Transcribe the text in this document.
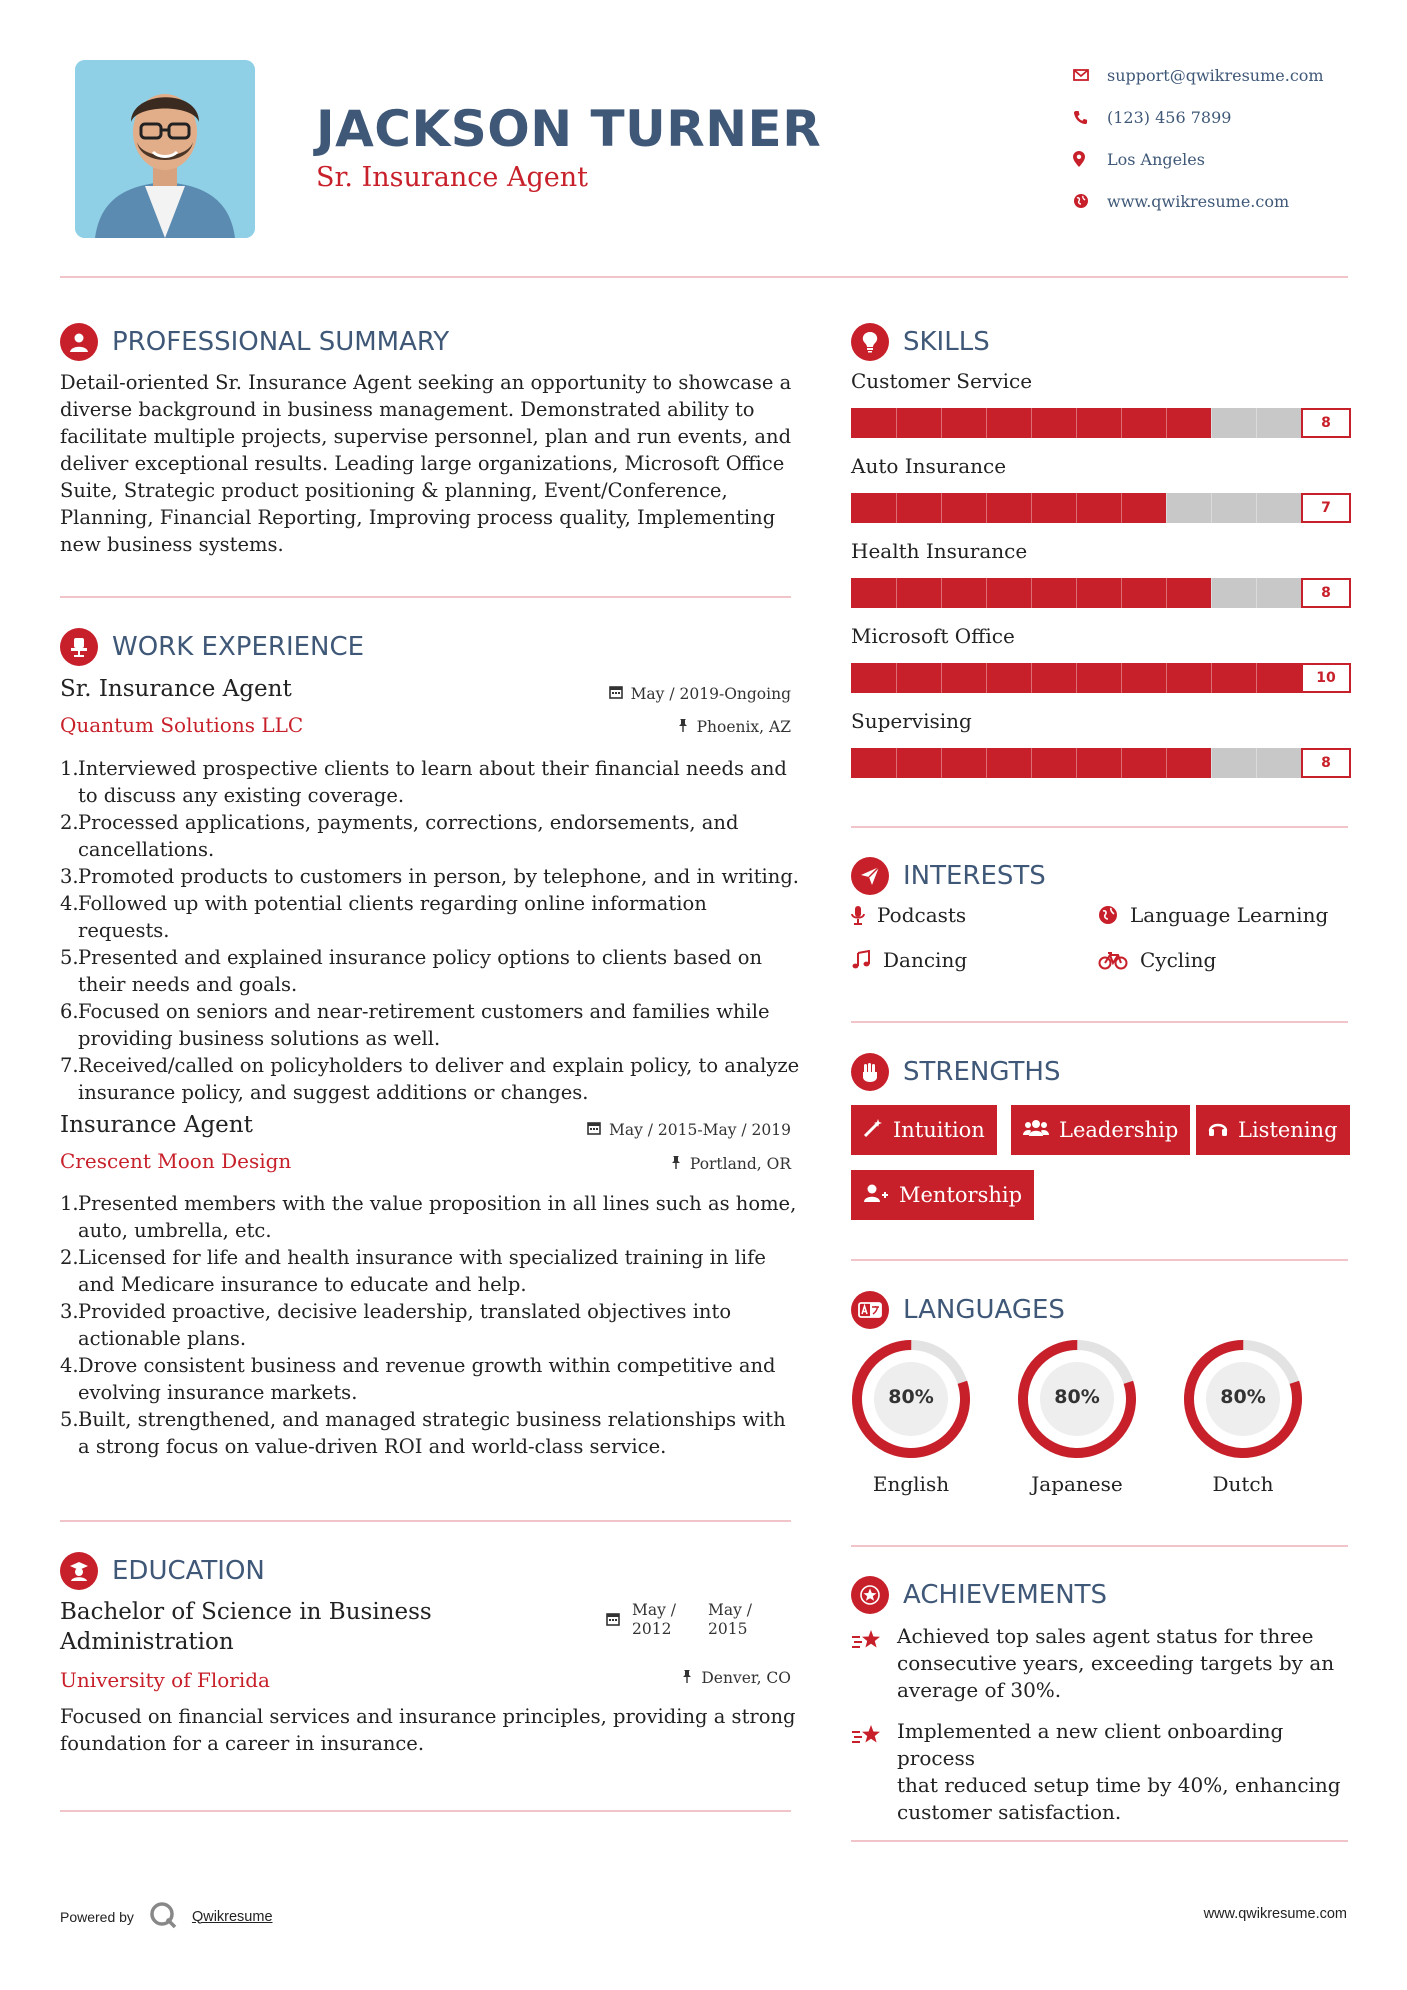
JACKSON TURNER
Sr. Insurance Agent
support@qwikresume.com
(123) 456 7899
Los Angeles
www.qwikresume.com
PROFESSIONAL SUMMARY
Detail-oriented Sr. Insurance Agent seeking an opportunity to showcase a diverse background in business management. Demonstrated ability to facilitate multiple projects, supervise personnel, plan and run events, and deliver exceptional results. Leading large organizations, Microsoft Office Suite, Strategic product positioning & planning, Event/Conference, Planning, Financial Reporting, Improving process quality, Implementing new business systems.
WORK EXPERIENCE
Sr. Insurance Agent	May / 2019-Ongoing
Quantum Solutions LLC	Phoenix, AZ
Interviewed prospective clients to learn about their financial needs and to discuss any existing coverage.
Processed applications, payments, corrections, endorsements, and cancellations.
Promoted products to customers in person, by telephone, and in writing.
Followed up with potential clients regarding online information requests.
Presented and explained insurance policy options to clients based on their needs and goals.
Focused on seniors and near-retirement customers and families while providing business solutions as well.
Received/called on policyholders to deliver and explain policy, to analyze insurance policy, and suggest additions or changes.
Insurance Agent	May / 2015-May / 2019
Crescent Moon Design	Portland, OR
Presented members with the value proposition in all lines such as home, auto, umbrella, etc.
Licensed for life and health insurance with specialized training in life and Medicare insurance to educate and help.
Provided proactive, decisive leadership, translated objectives into actionable plans.
Drove consistent business and revenue growth within competitive and evolving insurance markets.
Built, strengthened, and managed strategic business relationships with a strong focus on value-driven ROI and world-class service.
EDUCATION
Bachelor of Science in Business
Administration
May /
2012
May /
2015
University of Florida	Denver, CO
Focused on financial services and insurance principles, providing a strong foundation for a career in insurance.
SKILLS
Customer Service
8
Auto Insurance
7
Health Insurance
8
Microsoft Office
10
Supervising
8
INTERESTS
Podcasts	Language Learning
Dancing	Cycling
STRENGTHS
Intuition	Leadership	Listening
Mentorship
LANGUAGES
80%
English
80%
Japanese
80%
Dutch
ACHIEVEMENTS
Achieved top sales agent status for three
consecutive years, exceeding targets by an
average of 30%.
Implemented a new client onboarding process
that reduced setup time by 40%, enhancing
customer satisfaction.
Powered by	Qwikresume	www.qwikresume.com
